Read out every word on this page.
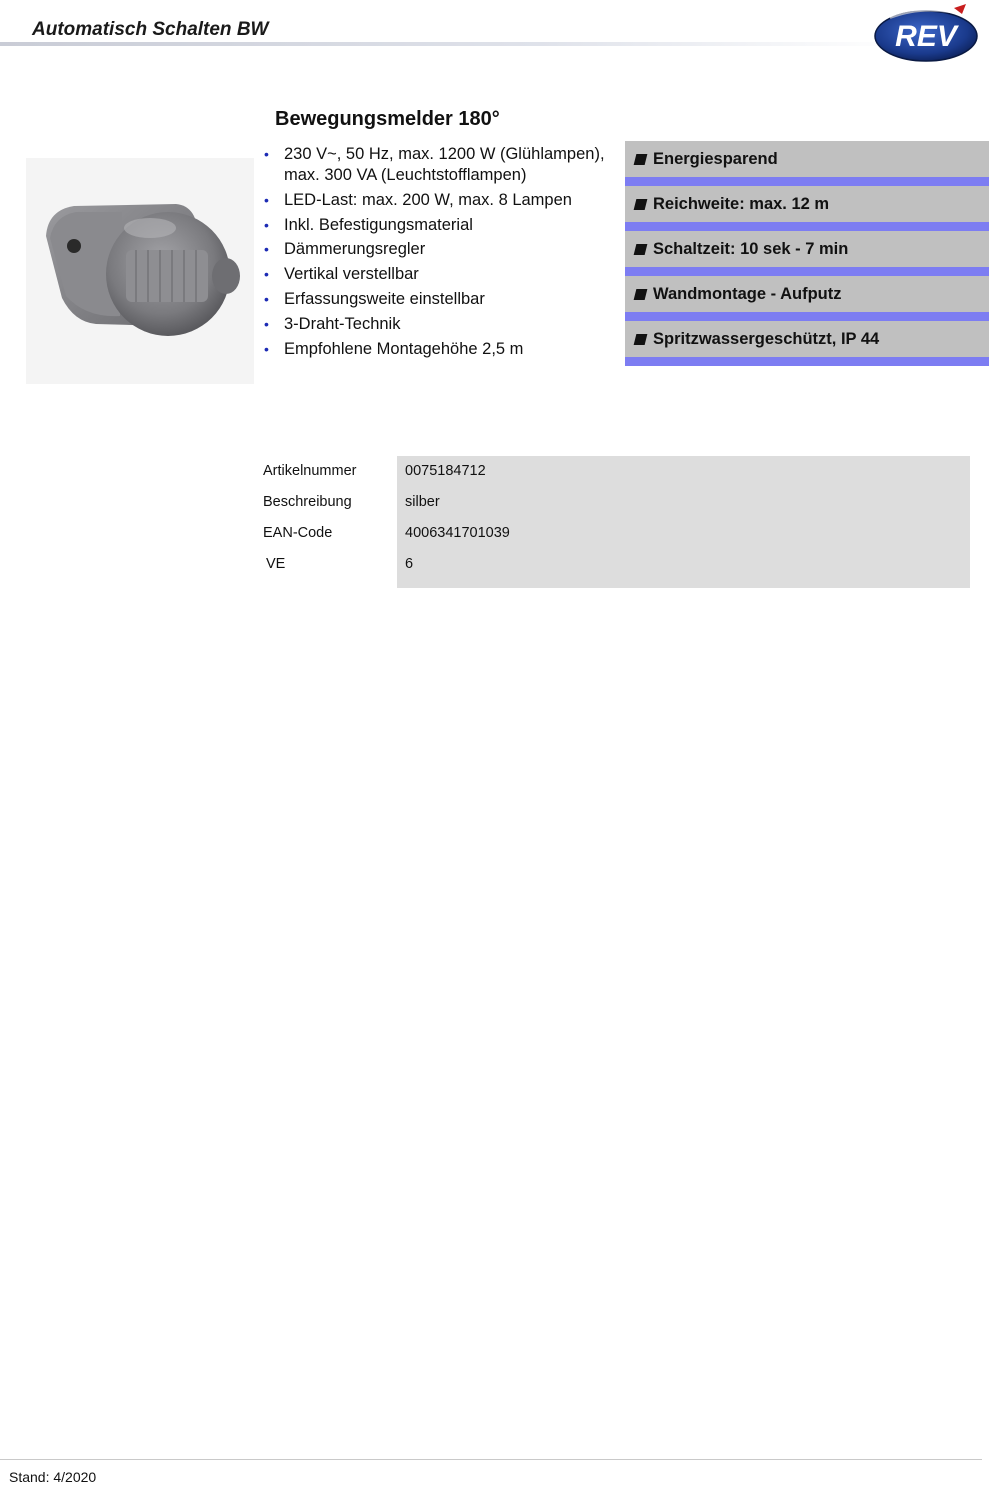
Automatisch Schalten BW	REV
Bewegungsmelder 180°
• 230 V~, 50 Hz, max. 1200 W (Glühlampen), max. 300 VA (Leuchtstofflampen)
• LED-Last: max. 200 W, max. 8 Lampen
• Inkl. Befestigungsmaterial
• Dämmerungsregler
• Vertikal verstellbar
• Erfassungsweite einstellbar
• 3-Draht-Technik
• Empfohlene Montagehöhe 2,5 m
Energiesparend
Reichweite: max. 12 m
Schaltzeit: 10 sek - 7 min
Wandmontage - Aufputz
Spritzwassergeschützt, IP 44
Artikelnummer
Beschreibung
EAN-Code
VE
0075184712
silber
4006341701039
6
Stand: 4/2020
